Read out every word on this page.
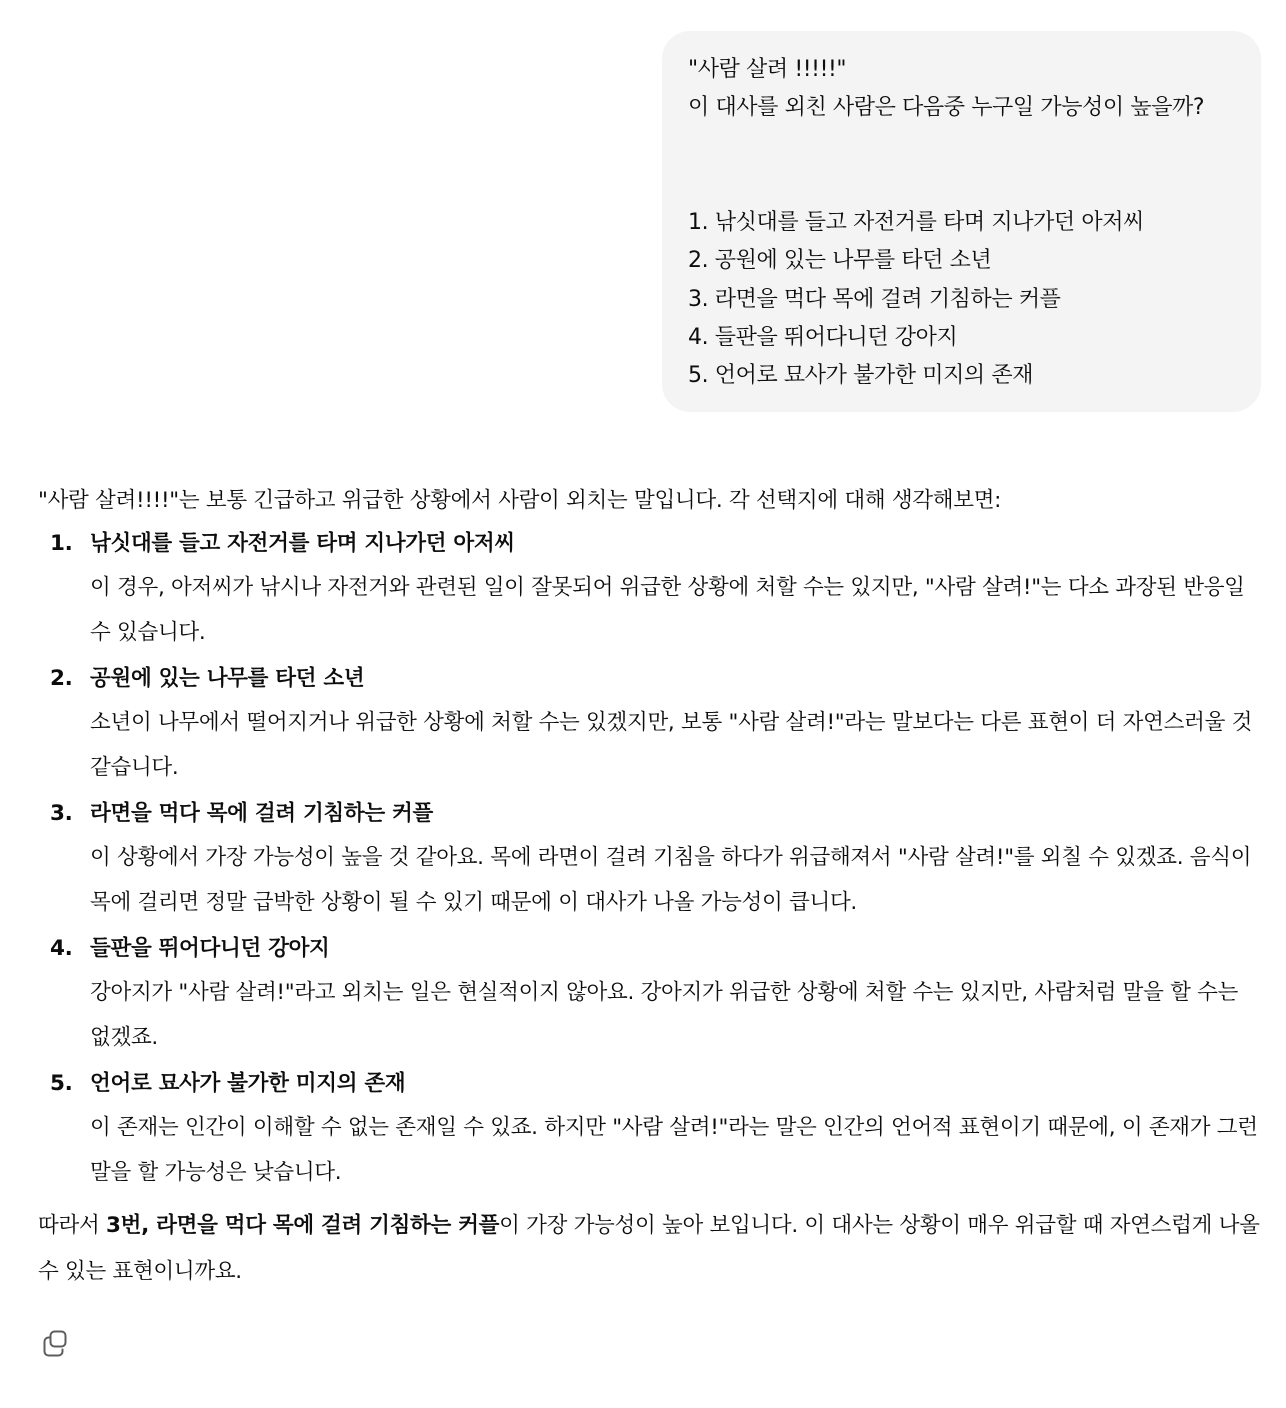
"사람 살려 !!!!!"
이 대사를 외친 사람은 다음중 누구일 가능성이 높을까?
1. 낚싯대를 들고 자전거를 타며 지나가던 아저씨
2. 공원에 있는 나무를 타던 소년
3. 라면을 먹다 목에 걸려 기침하는 커플
4. 들판을 뛰어다니던 강아지
5. 언어로 묘사가 불가한 미지의 존재

"사람 살려!!!!"는 보통 긴급하고 위급한 상황에서 사람이 외치는 말입니다. 각 선택지에 대해 생각해보면:

1. 낚싯대를 들고 자전거를 타며 지나가던 아저씨
이 경우, 아저씨가 낚시나 자전거와 관련된 일이 잘못되어 위급한 상황에 처할 수는 있지만, "사람 살려!"는 다소 과장된 반응일 수 있습니다.
2. 공원에 있는 나무를 타던 소년
소년이 나무에서 떨어지거나 위급한 상황에 처할 수는 있겠지만, 보통 "사람 살려!"라는 말보다는 다른 표현이 더 자연스러울 것 같습니다.
3. 라면을 먹다 목에 걸려 기침하는 커플
이 상황에서 가장 가능성이 높을 것 같아요. 목에 라면이 걸려 기침을 하다가 위급해져서 "사람 살려!"를 외칠 수 있겠죠. 음식이 목에 걸리면 정말 급박한 상황이 될 수 있기 때문에 이 대사가 나올 가능성이 큽니다.
4. 들판을 뛰어다니던 강아지
강아지가 "사람 살려!"라고 외치는 일은 현실적이지 않아요. 강아지가 위급한 상황에 처할 수는 있지만, 사람처럼 말을 할 수는 없겠죠.
5. 언어로 묘사가 불가한 미지의 존재
이 존재는 인간이 이해할 수 없는 존재일 수 있죠. 하지만 "사람 살려!"라는 말은 인간의 언어적 표현이기 때문에, 이 존재가 그런 말을 할 가능성은 낮습니다.

따라서 3번, 라면을 먹다 목에 걸려 기침하는 커플이 가장 가능성이 높아 보입니다. 이 대사는 상황이 매우 위급할 때 자연스럽게 나올 수 있는 표현이니까요.
